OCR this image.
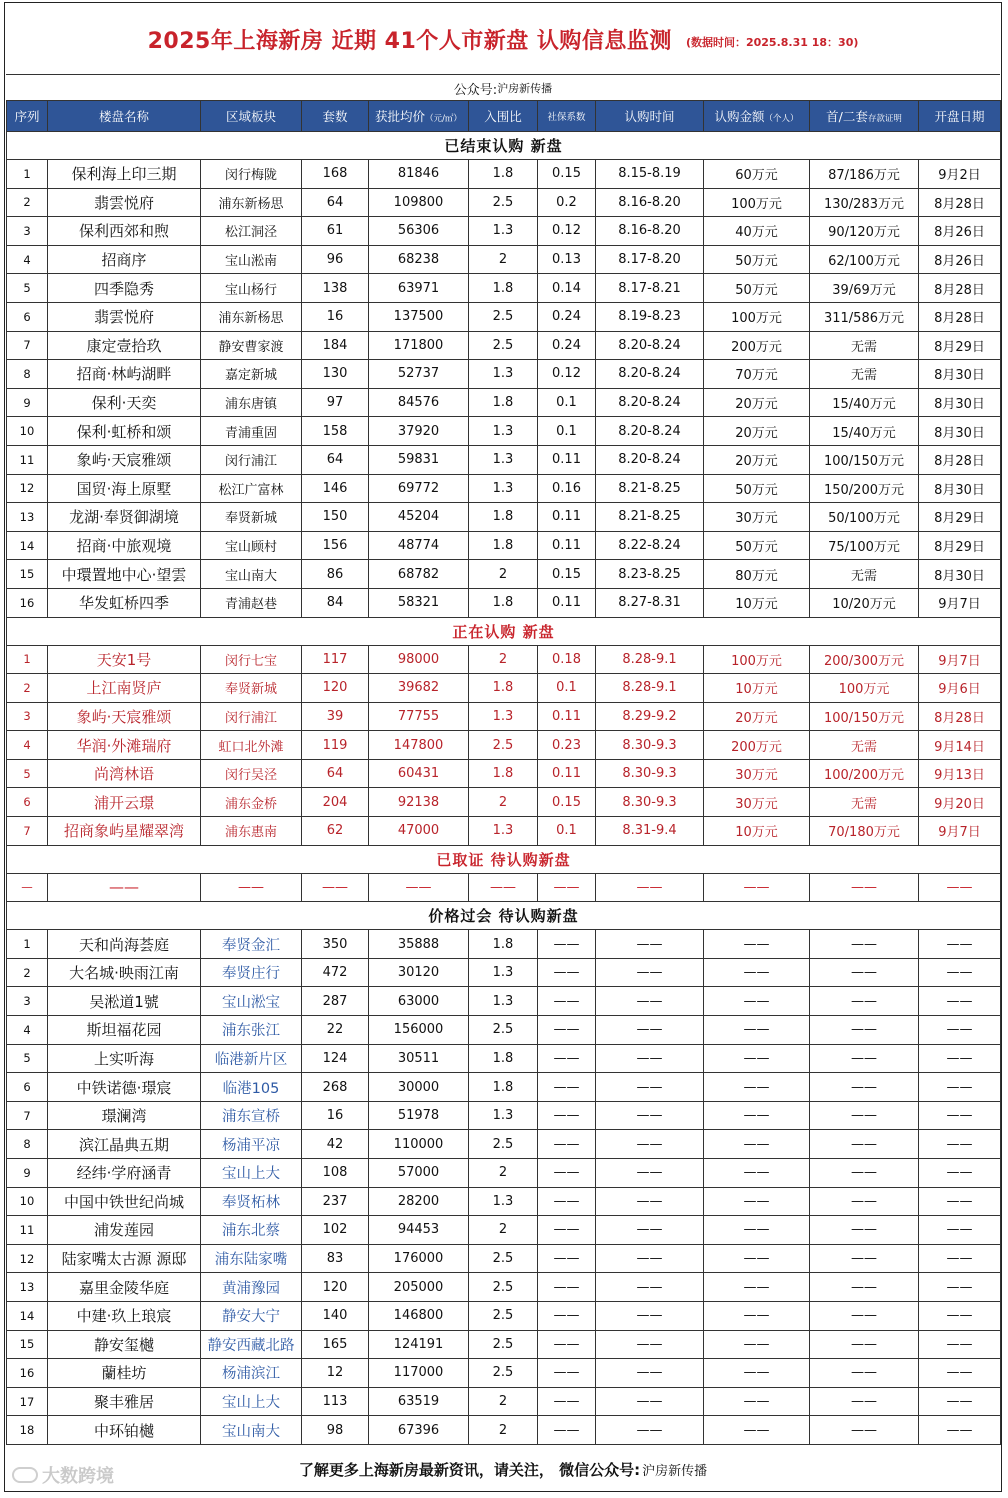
2025年上海新房 近期 41个人市新盘 认购信息监测 (数据时间：2025.8.31 18：30)
公众号: 沪房新传播
序列	楼盘名称	区域板块	套数	获批均价（元/㎡）	入围比	社保系数	认购时间	认购金额（个人）	首/二套存款证明	开盘日期
已结束认购 新盘										
1	保利海上印三期	闵行梅陇	168	81846	1.8	0.15	8.15-8.19	60万元	87/186万元	9月2日
2	翡雲悦府	浦东新杨思	64	109800	2.5	0.2	8.16-8.20	100万元	130/283万元	8月28日
3	保利西郊和煦	松江洞泾	61	56306	1.3	0.12	8.16-8.20	40万元	90/120万元	8月26日
4	招商序	宝山淞南	96	68238	2	0.13	8.17-8.20	50万元	62/100万元	8月26日
5	四季隐秀	宝山杨行	138	63971	1.8	0.14	8.17-8.21	50万元	39/69万元	8月28日
6	翡雲悦府	浦东新杨思	16	137500	2.5	0.24	8.19-8.23	100万元	311/586万元	8月28日
7	康定壹拾玖	静安曹家渡	184	171800	2.5	0.24	8.20-8.24	200万元	无需	8月29日
8	招商·林屿湖畔	嘉定新城	130	52737	1.3	0.12	8.20-8.24	70万元	无需	8月30日
9	保利·天奕	浦东唐镇	97	84576	1.8	0.1	8.20-8.24	20万元	15/40万元	8月30日
10	保利·虹桥和颂	青浦重固	158	37920	1.3	0.1	8.20-8.24	20万元	15/40万元	8月30日
11	象屿·天宸雅颂	闵行浦江	64	59831	1.3	0.11	8.20-8.24	20万元	100/150万元	8月28日
12	国贸·海上原墅	松江广富林	146	69772	1.3	0.16	8.21-8.25	50万元	150/200万元	8月30日
13	龙湖·奉贤御湖境	奉贤新城	150	45204	1.8	0.11	8.21-8.25	30万元	50/100万元	8月29日
14	招商·中旅观境	宝山顾村	156	48774	1.8	0.11	8.22-8.24	50万元	75/100万元	8月29日
15	中環置地中心·望雲	宝山南大	86	68782	2	0.15	8.23-8.25	80万元	无需	8月30日
16	华发虹桥四季	青浦赵巷	84	58321	1.8	0.11	8.27-8.31	10万元	10/20万元	9月7日
正在认购 新盘										
1	天安1号	闵行七宝	117	98000	2	0.18	8.28-9.1	100万元	200/300万元	9月7日
2	上江南贤庐	奉贤新城	120	39682	1.8	0.1	8.28-9.1	10万元	100万元	9月6日
3	象屿·天宸雅颂	闵行浦江	39	77755	1.3	0.11	8.29-9.2	20万元	100/150万元	8月28日
4	华润·外滩瑞府	虹口北外滩	119	147800	2.5	0.23	8.30-9.3	200万元	无需	9月14日
5	尚湾林语	闵行吴泾	64	60431	1.8	0.11	8.30-9.3	30万元	100/200万元	9月13日
6	浦开云璟	浦东金桥	204	92138	2	0.15	8.30-9.3	30万元	无需	9月20日
7	招商象屿星耀翠湾	浦东惠南	62	47000	1.3	0.1	8.31-9.4	10万元	70/180万元	9月7日
已取证 待认购新盘										
—	——	——	——	——	——	——	——	——	——	——
价格过会 待认购新盘										
1	天和尚海荟庭	奉贤金汇	350	35888	1.8	——	——	——	——	——
2	大名城·映雨江南	奉贤庄行	472	30120	1.3	——	——	——	——	——
3	吴淞道1號	宝山淞宝	287	63000	1.3	——	——	——	——	——
4	斯坦福花园	浦东张江	22	156000	2.5	——	——	——	——	——
5	上实听海	临港新片区	124	30511	1.8	——	——	——	——	——
6	中铁诺德·璟宸	临港105	268	30000	1.8	——	——	——	——	——
7	璟澜湾	浦东宣桥	16	51978	1.3	——	——	——	——	——
8	滨江晶典五期	杨浦平凉	42	110000	2.5	——	——	——	——	——
9	经纬·学府涵青	宝山上大	108	57000	2	——	——	——	——	——
10	中国中铁世纪尚城	奉贤柘林	237	28200	1.3	——	——	——	——	——
11	浦发莲园	浦东北蔡	102	94453	2	——	——	——	——	——
12	陆家嘴太古源 源邸	浦东陆家嘴	83	176000	2.5	——	——	——	——	——
13	嘉里金陵华庭	黄浦豫园	120	205000	2.5	——	——	——	——	——
14	中建·玖上琅宸	静安大宁	140	146800	2.5	——	——	——	——	——
15	静安玺樾	静安西藏北路	165	124191	2.5	——	——	——	——	——
16	蘭桂坊	杨浦滨江	12	117000	2.5	——	——	——	——	——
17	聚丰雅居	宝山上大	113	63519	2	——	——	——	——	——
18	中环铂樾	宝山南大	98	67396	2	——	——	——	——	——
了解更多上海新房最新资讯，请关注， 微信公众号: 沪房新传播
大数跨境
